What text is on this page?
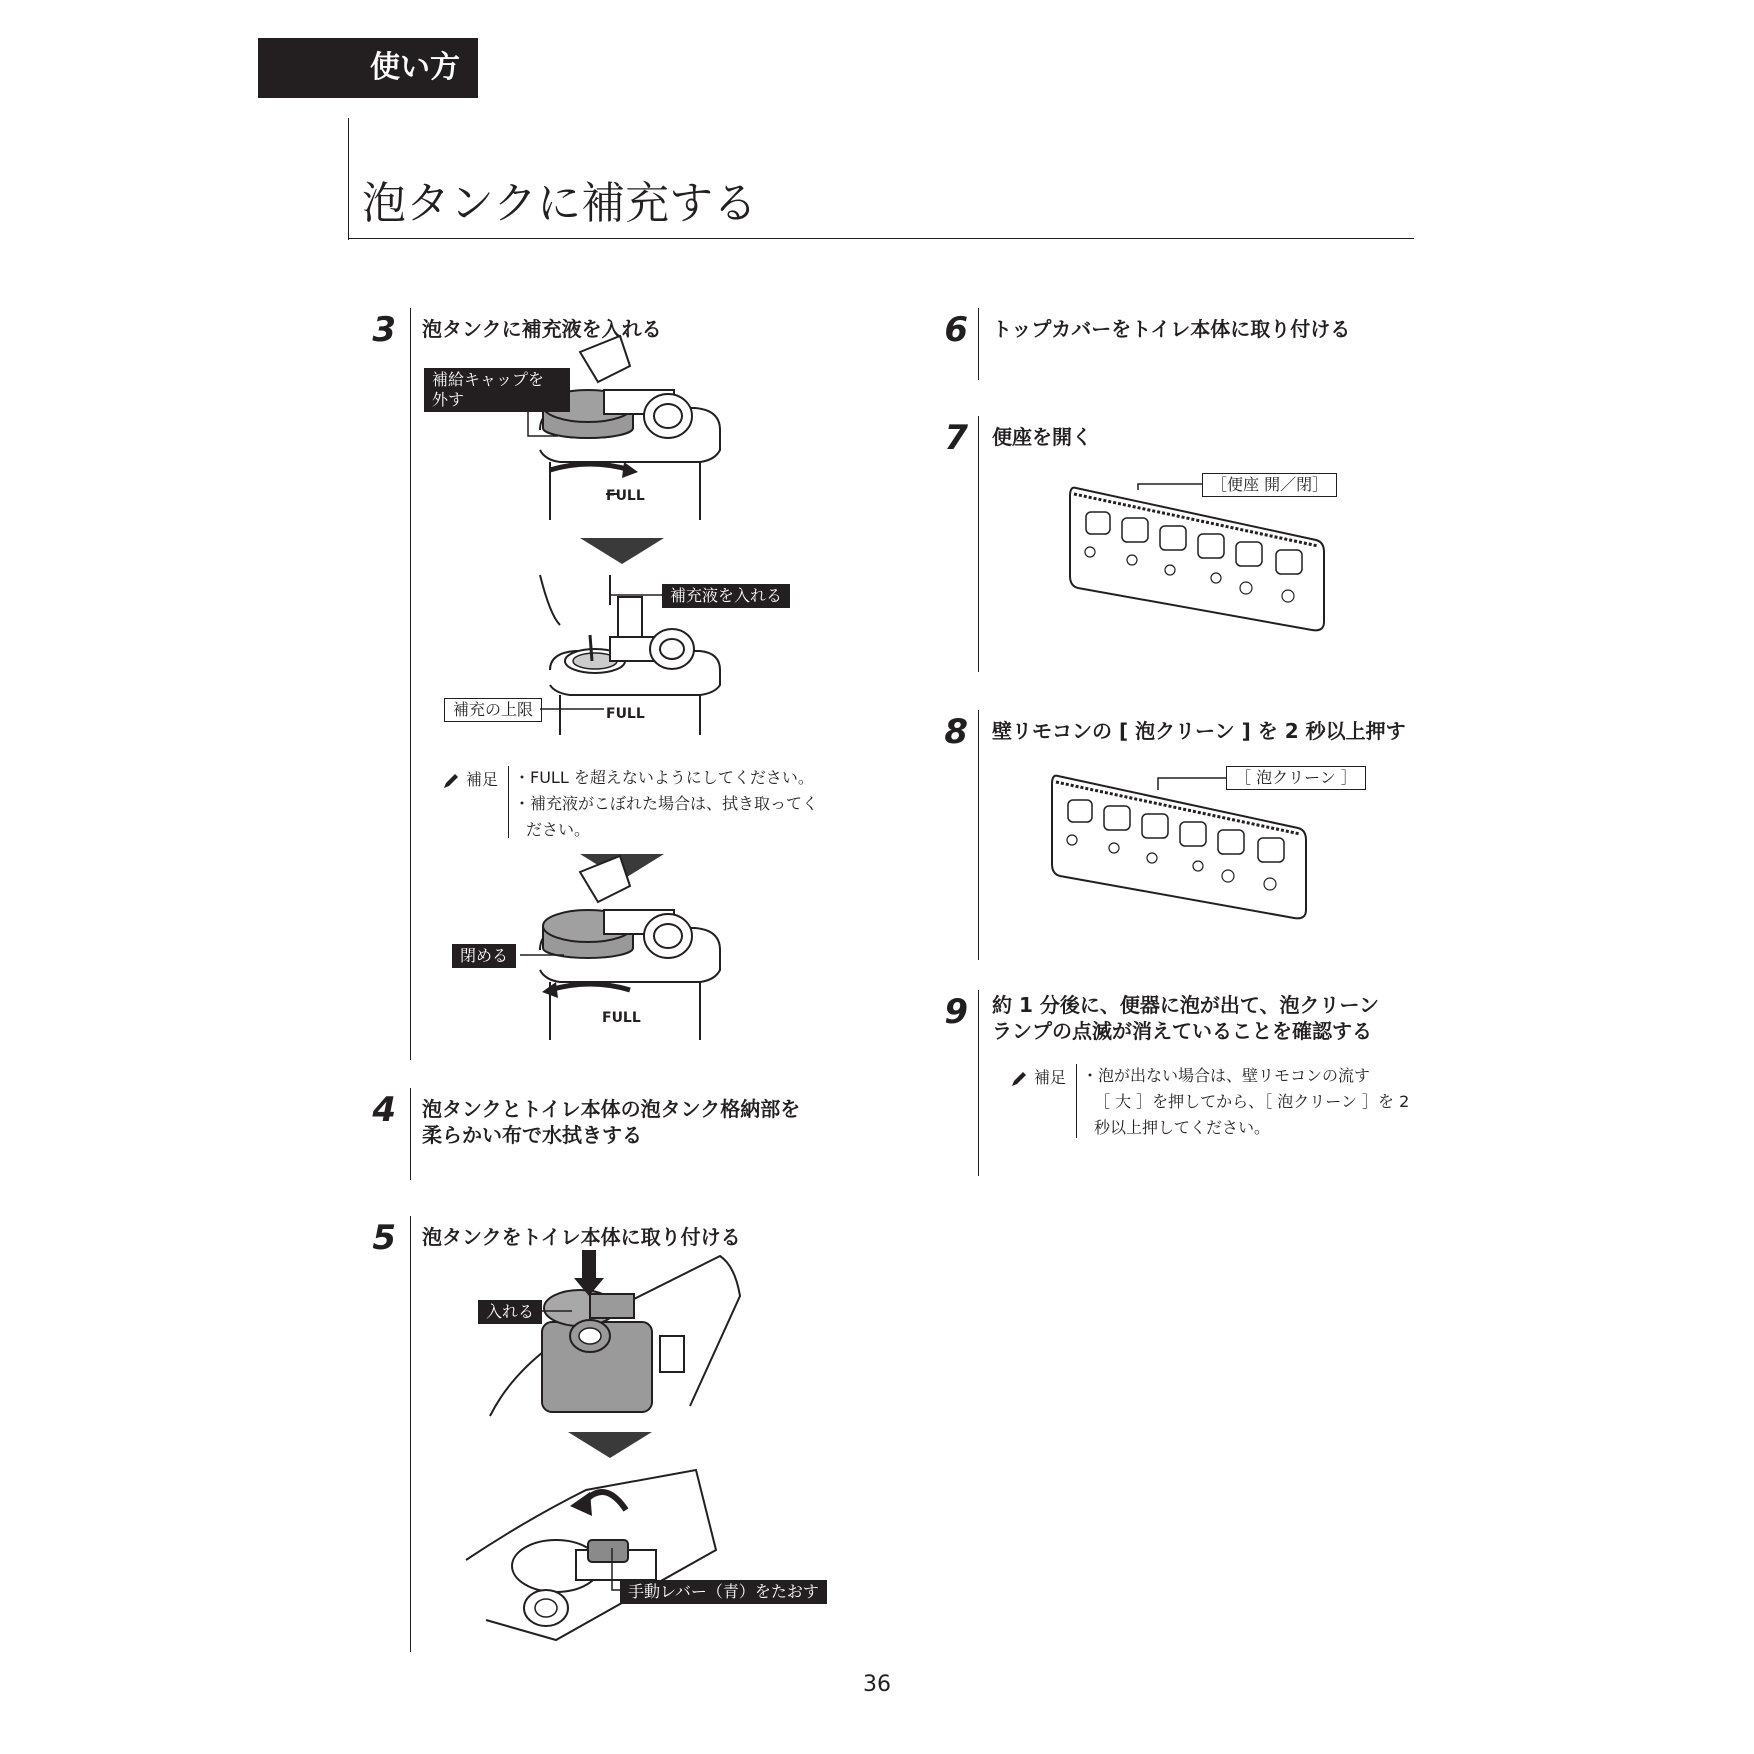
使い方
泡タンクに補充する
3 泡タンクに補充液を入れる
FULL
補給キャップを
外す
FULL
補充液を入れる
補充の上限
補足 ・FULL を超えないようにしてください。
・補充液がこぼれた場合は、拭き取ってく
ださい。
FULL
閉める
4 泡タンクとトイレ本体の泡タンク格納部を
柔らかい布で水拭きする
5 泡タンクをトイレ本体に取り付ける
入れる
手動レバー（青）をたおす
6 トップカバーをトイレ本体に取り付ける
7 便座を開く
［便座 開／閉］
8 壁リモコンの [ 泡クリーン ] を 2 秒以上押す
［ 泡クリーン ］
9 約 1 分後に、便器に泡が出て、泡クリーン
ランプの点滅が消えていることを確認する
補足 ・泡が出ない場合は、壁リモコンの流す
［ 大 ］を押してから、［ 泡クリーン ］を 2
秒以上押してください。
36
